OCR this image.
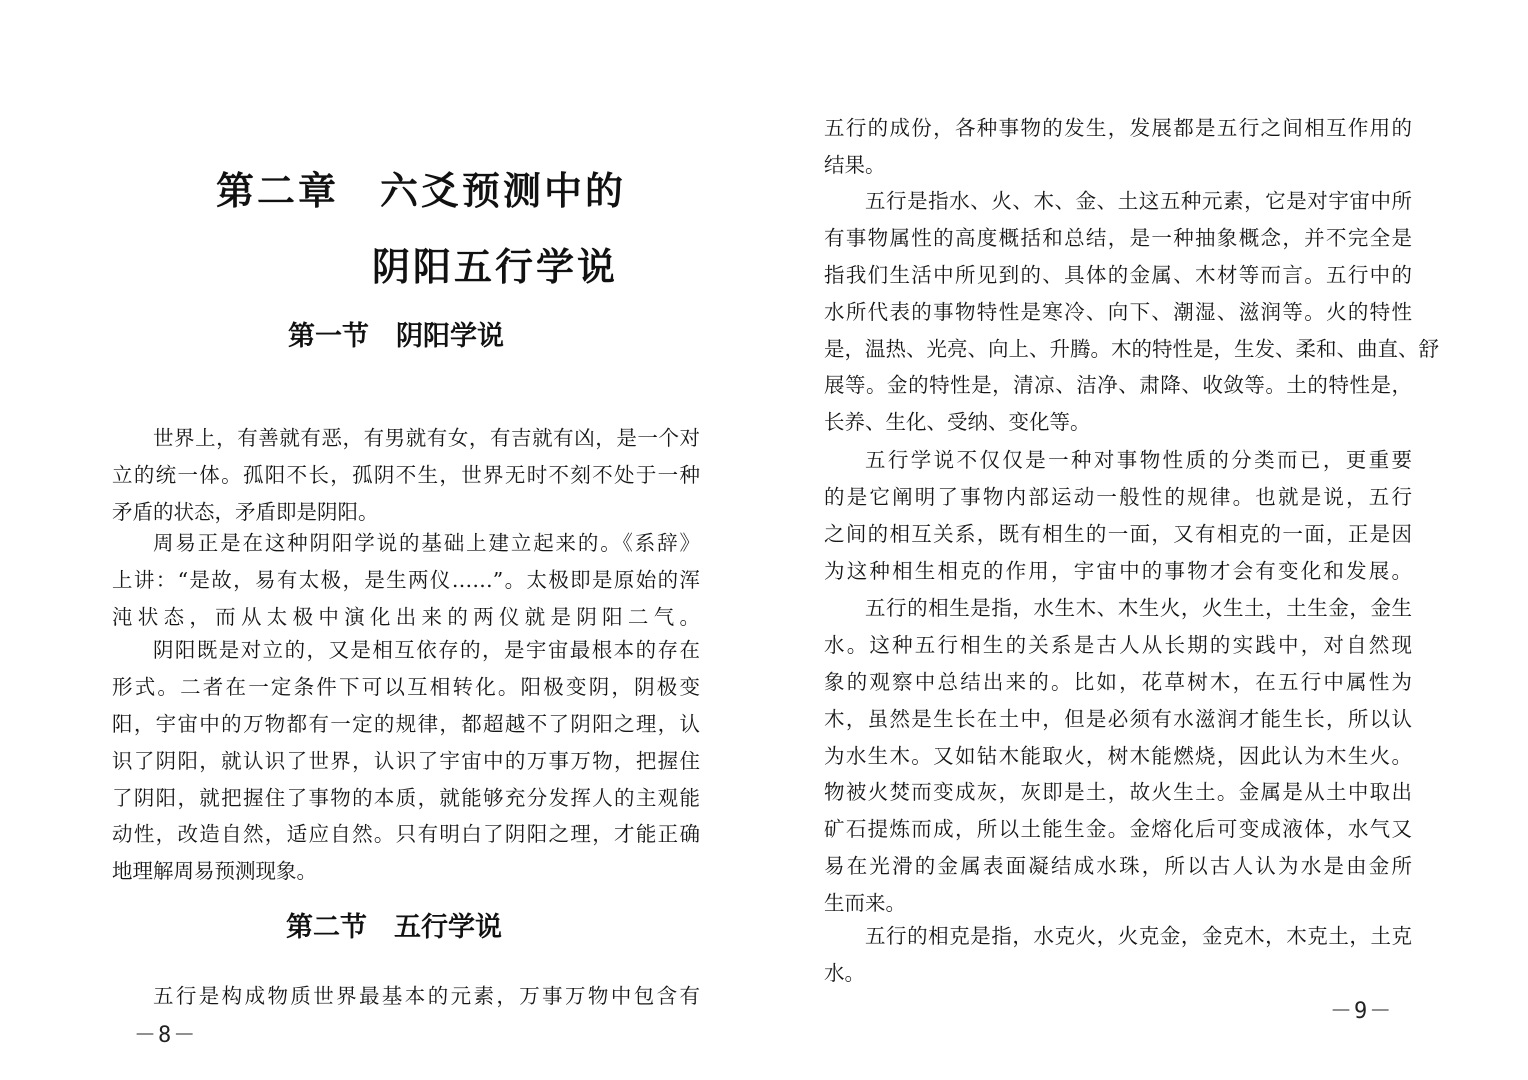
第二章　六爻预测中的
阴阳五行学说
第一节　阴阳学说
世界上，有善就有恶，有男就有女，有吉就有凶，是一个对
立的统一体。孤阳不长，孤阴不生，世界无时不刻不处于一种
矛盾的状态，矛盾即是阴阳。
周易正是在这种阴阳学说的基础上建立起来的。《系辞》
上讲：“是故，易有太极，是生两仪……”。太极即是原始的浑
沌状态，而从太极中演化出来的两仪就是阴阳二气。
阴阳既是对立的，又是相互依存的，是宇宙最根本的存在
形式。二者在一定条件下可以互相转化。阳极变阴，阴极变
阳，宇宙中的万物都有一定的规律，都超越不了阴阳之理，认
识了阴阳，就认识了世界，认识了宇宙中的万事万物，把握住
了阴阳，就把握住了事物的本质，就能够充分发挥人的主观能
动性，改造自然，适应自然。只有明白了阴阳之理，才能正确
地理解周易预测现象。
第二节　五行学说
五行是构成物质世界最基本的元素，万事万物中包含有
－8－
五行的成份，各种事物的发生，发展都是五行之间相互作用的
结果。
五行是指水、火、木、金、土这五种元素，它是对宇宙中所
有事物属性的高度概括和总结，是一种抽象概念，并不完全是
指我们生活中所见到的、具体的金属、木材等而言。五行中的
水所代表的事物特性是寒冷、向下、潮湿、滋润等。火的特性
是，温热、光亮、向上、升腾。木的特性是，生发、柔和、曲直、舒
展等。金的特性是，清凉、洁净、肃降、收敛等。土的特性是，
长养、生化、受纳、变化等。
五行学说不仅仅是一种对事物性质的分类而已，更重要
的是它阐明了事物内部运动一般性的规律。也就是说，五行
之间的相互关系，既有相生的一面，又有相克的一面，正是因
为这种相生相克的作用，宇宙中的事物才会有变化和发展。
五行的相生是指，水生木、木生火，火生土，土生金，金生
水。这种五行相生的关系是古人从长期的实践中，对自然现
象的观察中总结出来的。比如，花草树木，在五行中属性为
木，虽然是生长在土中，但是必须有水滋润才能生长，所以认
为水生木。又如钻木能取火，树木能燃烧，因此认为木生火。
物被火焚而变成灰，灰即是土，故火生土。金属是从土中取出
矿石提炼而成，所以土能生金。金熔化后可变成液体，水气又
易在光滑的金属表面凝结成水珠，所以古人认为水是由金所
生而来。
五行的相克是指，水克火，火克金，金克木，木克土，土克
水。
－9－
